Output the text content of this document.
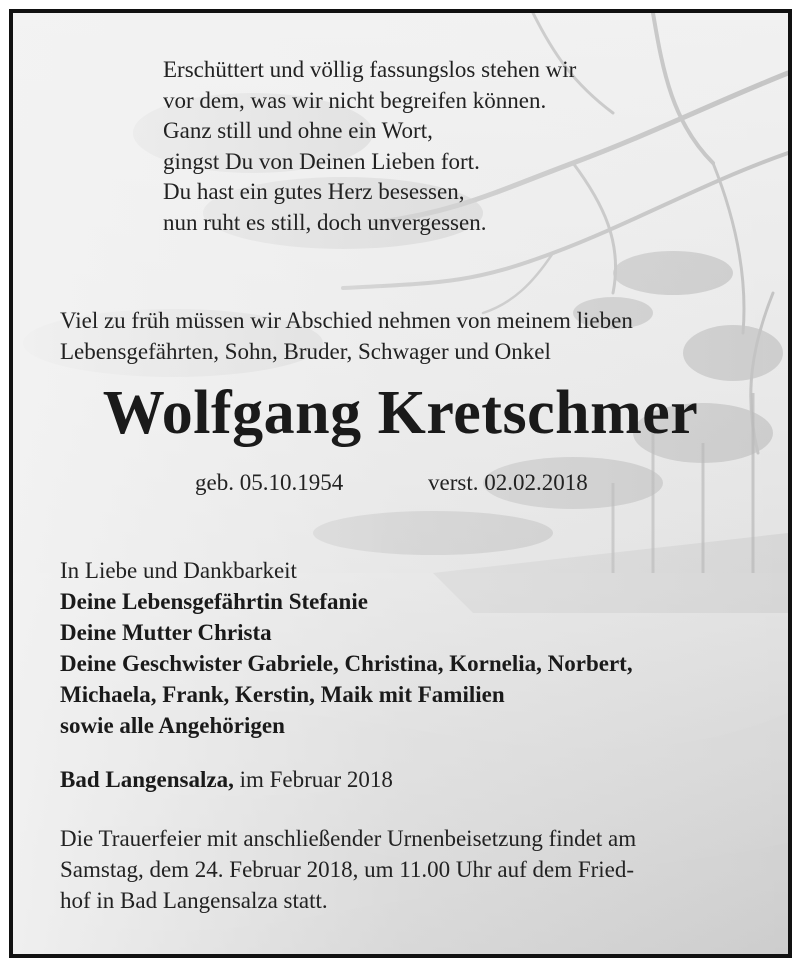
Erschüttert und völlig fassungslos stehen wir
vor dem, was wir nicht begreifen können.
Ganz still und ohne ein Wort,
gingst Du von Deinen Lieben fort.
Du hast ein gutes Herz besessen,
nun ruht es still, doch unvergessen.

Viel zu früh müssen wir Abschied nehmen von meinem lieben
Lebensgefährten, Sohn, Bruder, Schwager und Onkel

Wolfgang Kretschmer
geb. 05.10.1954	verst. 02.02.2018

In Liebe und Dankbarkeit

Deine Lebensgefährtin Stefanie
Deine Mutter Christa
Deine Geschwister Gabriele, Christina, Kornelia, Norbert,
Michaela, Frank, Kerstin, Maik mit Familien
sowie alle Angehörigen

Bad Langensalza, im Februar 2018

Die Trauerfeier mit anschließender Urnenbeisetzung findet am
Samstag, dem 24. Februar 2018, um 11.00 Uhr auf dem Fried-
hof in Bad Langensalza statt.
